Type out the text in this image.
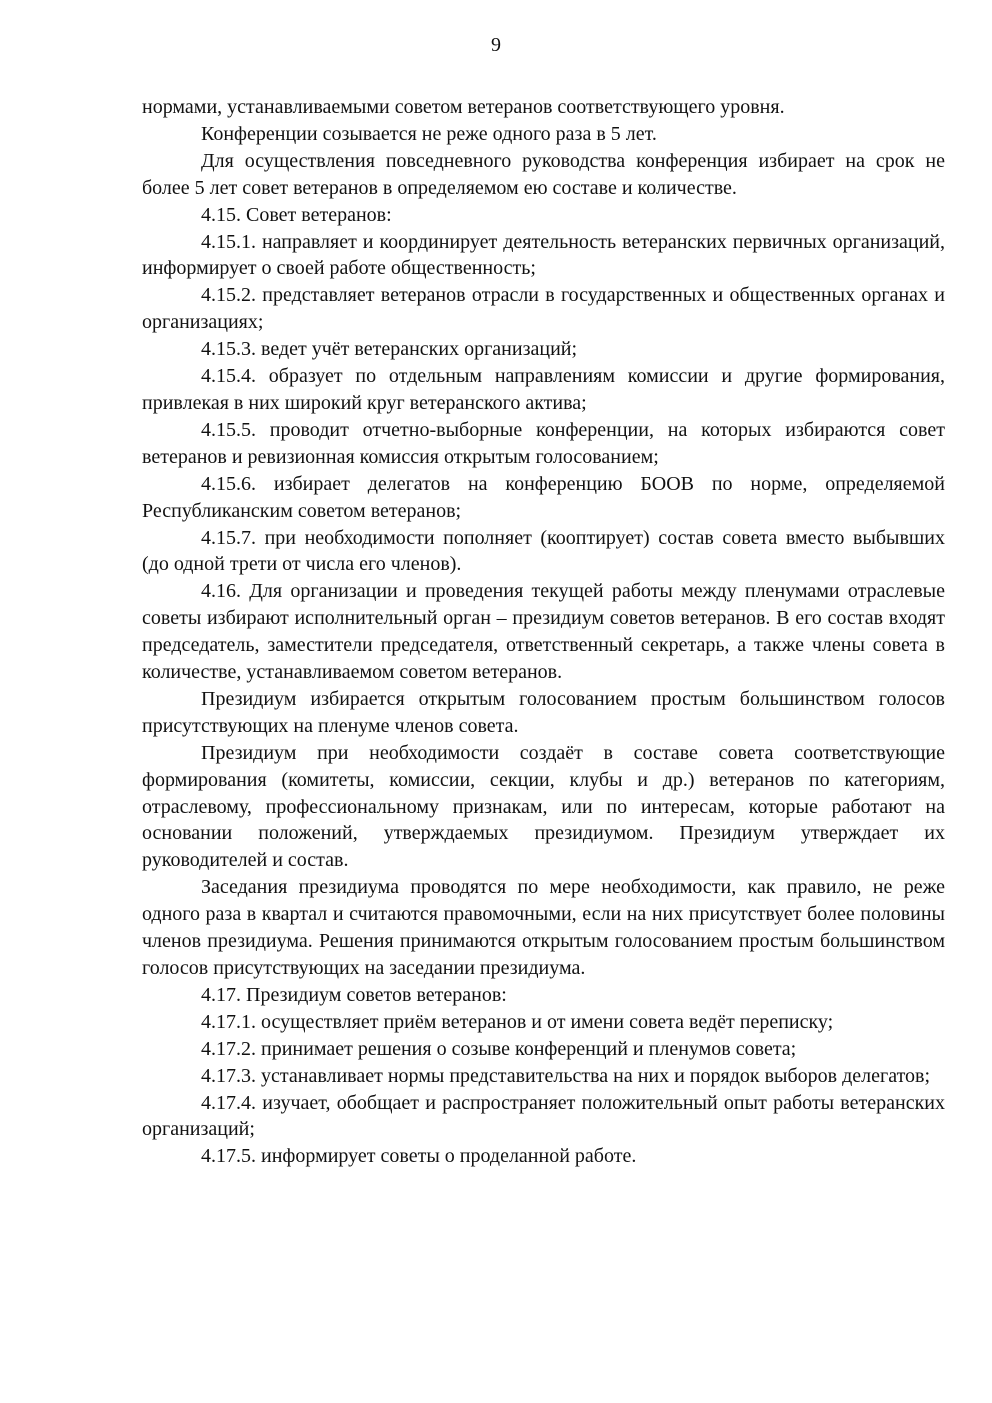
9

нормами, устанавливаемыми советом ветеранов соответствующего уровня.

Конференции созывается не реже одного раза в 5 лет.

Для осуществления повседневного руководства конференция избирает на срок не более 5 лет совет ветеранов в определяемом ею составе и количестве.

4.15. Совет ветеранов:

4.15.1. направляет и координирует деятельность ветеранских первичных организаций, информирует о своей работе общественность;

4.15.2. представляет ветеранов отрасли в государственных и общественных органах и организациях;

4.15.3. ведет учёт ветеранских организаций;

4.15.4. образует по отдельным направлениям комиссии и другие формирования, привлекая в них широкий круг ветеранского актива;

4.15.5. проводит отчетно-выборные конференции, на которых избираются совет ветеранов и ревизионная комиссия открытым голосованием;

4.15.6. избирает делегатов на конференцию БООВ по норме, определяемой Республиканским советом ветеранов;

4.15.7. при необходимости пополняет (кооптирует) состав совета вместо выбывших (до одной трети от числа его членов).

4.16. Для организации и проведения текущей работы между пленумами отраслевые советы избирают исполнительный орган – президиум советов ветеранов. В его состав входят председатель, заместители председателя, ответственный секретарь, а также члены совета в количестве, устанавливаемом советом ветеранов.

Президиум избирается открытым голосованием простым большинством голосов присутствующих на пленуме членов совета.

Президиум при необходимости создаёт в составе совета соответствующие формирования (комитеты, комиссии, секции, клубы и др.) ветеранов по категориям, отраслевому, профессиональному признакам, или по интересам, которые работают на основании положений, утверждаемых президиумом. Президиум утверждает их руководителей и состав.

Заседания президиума проводятся по мере необходимости, как правило, не реже одного раза в квартал и считаются правомочными, если на них присутствует более половины членов президиума. Решения принимаются открытым голосованием простым большинством голосов присутствующих на заседании президиума.

4.17. Президиум советов ветеранов:

4.17.1. осуществляет приём ветеранов и от имени совета ведёт переписку;

4.17.2. принимает решения о созыве конференций и пленумов совета;

4.17.3. устанавливает нормы представительства на них и порядок выборов делегатов;

4.17.4. изучает, обобщает и распространяет положительный опыт работы ветеранских организаций;

4.17.5. информирует советы о проделанной работе.
